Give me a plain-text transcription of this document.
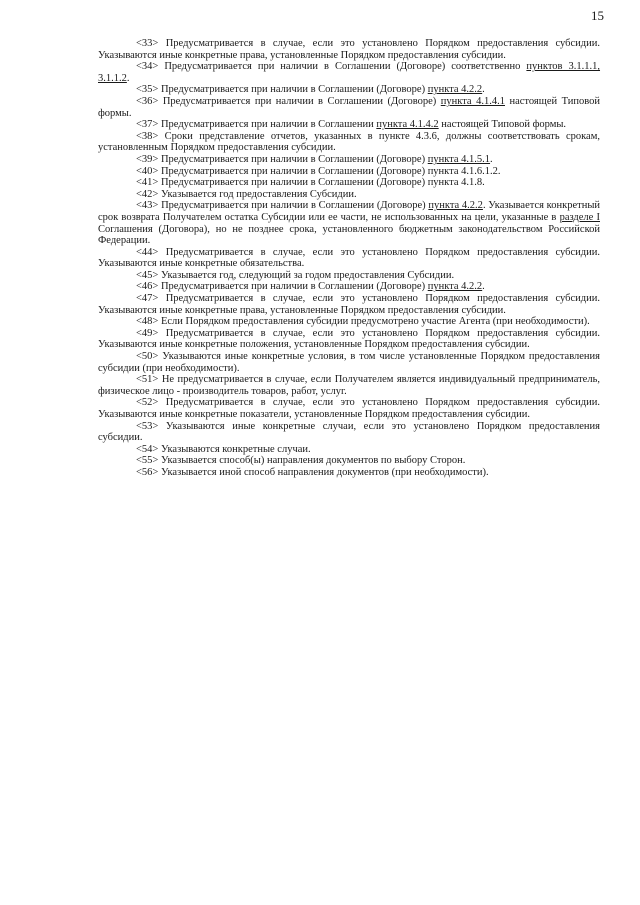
15

<33> Предусматривается в случае, если это установлено Порядком предоставления субсидии. Указываются иные конкретные права, установленные Порядком предоставления субсидии.

<34> Предусматривается при наличии в Соглашении (Договоре) соответственно пунктов 3.1.1.1, 3.1.1.2.

<35> Предусматривается при наличии в Соглашении (Договоре) пункта 4.2.2.

<36> Предусматривается при наличии в Соглашении (Договоре) пункта 4.1.4.1 настоящей Типовой формы.

<37> Предусматривается при наличии в Соглашении пункта 4.1.4.2 настоящей Типовой формы.

<38> Сроки представление отчетов, указанных в пункте 4.3.6, должны соответствовать срокам, установленным Порядком предоставления субсидии.

<39> Предусматривается при наличии в Соглашении (Договоре) пункта 4.1.5.1.

<40> Предусматривается при наличии в Соглашении (Договоре) пункта 4.1.6.1.2.

<41> Предусматривается при наличии в Соглашении (Договоре) пункта 4.1.8.

<42> Указывается год предоставления Субсидии.

<43> Предусматривается при наличии в Соглашении (Договоре) пункта 4.2.2. Указывается конкретный срок возврата Получателем остатка Субсидии или ее части, не использованных на цели, указанные в разделе I Соглашения (Договора), но не позднее срока, установленного бюджетным законодательством Российской Федерации.

<44> Предусматривается в случае, если это установлено Порядком предоставления субсидии. Указываются иные конкретные обязательства.

<45> Указывается год, следующий за годом предоставления Субсидии.

<46> Предусматривается при наличии в Соглашении (Договоре) пункта 4.2.2.

<47> Предусматривается в случае, если это установлено Порядком предоставления субсидии. Указываются иные конкретные права, установленные Порядком предоставления субсидии.

<48> Если Порядком предоставления субсидии предусмотрено участие Агента (при необходимости).

<49> Предусматривается в случае, если это установлено Порядком предоставления субсидии. Указываются иные конкретные положения, установленные Порядком предоставления субсидии.

<50> Указываются иные конкретные условия, в том числе установленные Порядком предоставления субсидии (при необходимости).

<51> Не предусматривается в случае, если Получателем является индивидуальный предприниматель, физическое лицо - производитель товаров, работ, услуг.

<52> Предусматривается в случае, если это установлено Порядком предоставления субсидии. Указываются иные конкретные показатели, установленные Порядком предоставления субсидии.

<53> Указываются иные конкретные случаи, если это установлено Порядком предоставления субсидии.

<54> Указываются конкретные случаи.

<55> Указывается способ(ы) направления документов по выбору Сторон.

<56> Указывается иной способ направления документов (при необходимости).
